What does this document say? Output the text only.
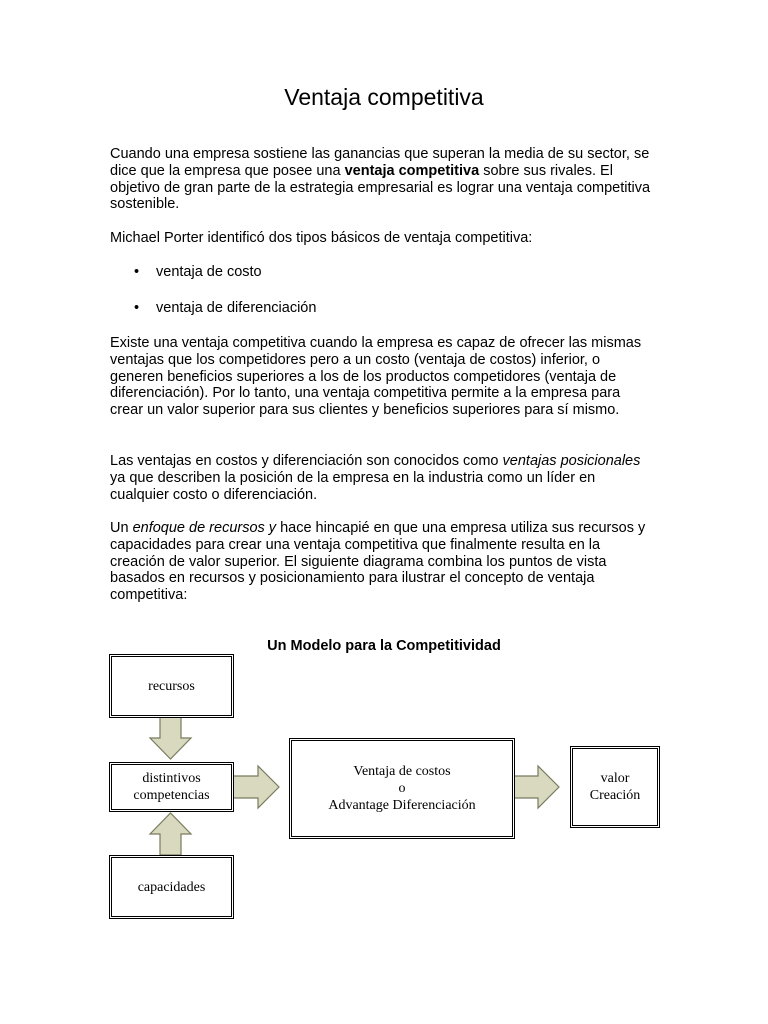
Ventaja competitiva

Cuando una empresa sostiene las ganancias que superan la media de su sector, se dice que la empresa que posee una ventaja competitiva sobre sus rivales. El objetivo de gran parte de la estrategia empresarial es lograr una ventaja competitiva sostenible.

Michael Porter identificó dos tipos básicos de ventaja competitiva:

• ventaja de costo
• ventaja de diferenciación

Existe una ventaja competitiva cuando la empresa es capaz de ofrecer las mismas ventajas que los competidores pero a un costo (ventaja de costos) inferior, o generen beneficios superiores a los de los productos competidores (ventaja de diferenciación). Por lo tanto, una ventaja competitiva permite a la empresa para crear un valor superior para sus clientes y beneficios superiores para sí mismo.

Las ventajas en costos y diferenciación son conocidos como ventajas posicionales ya que describen la posición de la empresa en la industria como un líder en cualquier costo o diferenciación.

Un enfoque de recursos y hace hincapié en que una empresa utiliza sus recursos y capacidades para crear una ventaja competitiva que finalmente resulta en la creación de valor superior. El siguiente diagrama combina los puntos de vista basados en recursos y posicionamiento para ilustrar el concepto de ventaja competitiva:

Un Modelo para la Competitividad

recursos
distintivos
competencias
capacidades
Ventaja de costos
o
Advantage Diferenciación
valor
Creación
